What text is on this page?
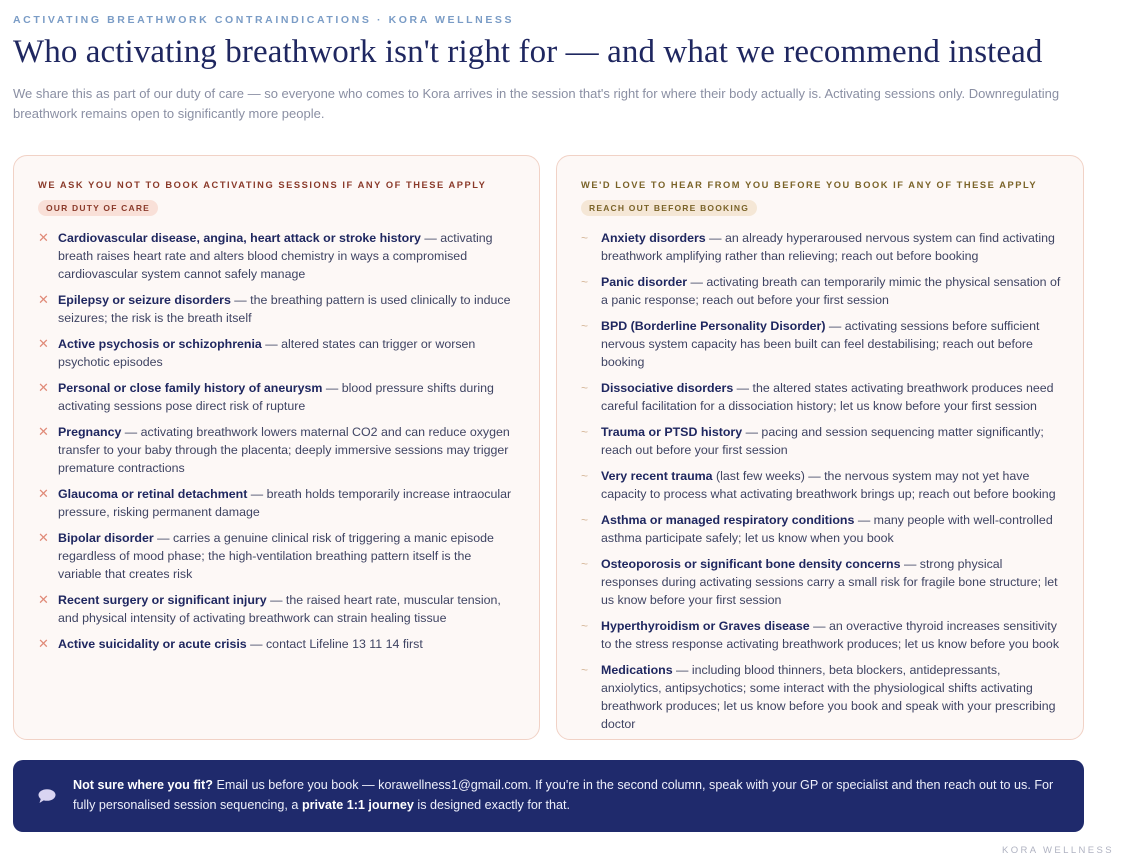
ACTIVATING BREATHWORK CONTRAINDICATIONS · KORA WELLNESS
Who activating breathwork isn't right for — and what we recommend instead

We share this as part of our duty of care — so everyone who comes to Kora arrives in the session that's right for where their body actually is. Activating sessions only. Downregulating breathwork remains open to significantly more people.

WE ASK YOU NOT TO BOOK ACTIVATING SESSIONS IF ANY OF THESE APPLY
OUR DUTY OF CARE
✕ Cardiovascular disease, angina, heart attack or stroke history — activating breath raises heart rate and alters blood chemistry in ways a compromised cardiovascular system cannot safely manage
✕ Epilepsy or seizure disorders — the breathing pattern is used clinically to induce seizures; the risk is the breath itself
✕ Active psychosis or schizophrenia — altered states can trigger or worsen psychotic episodes
✕ Personal or close family history of aneurysm — blood pressure shifts during activating sessions pose direct risk of rupture
✕ Pregnancy — activating breathwork lowers maternal CO2 and can reduce oxygen transfer to your baby through the placenta; deeply immersive sessions may trigger premature contractions
✕ Glaucoma or retinal detachment — breath holds temporarily increase intraocular pressure, risking permanent damage
✕ Bipolar disorder — carries a genuine clinical risk of triggering a manic episode regardless of mood phase; the high-ventilation breathing pattern itself is the variable that creates risk
✕ Recent surgery or significant injury — the raised heart rate, muscular tension, and physical intensity of activating breathwork can strain healing tissue
✕ Active suicidality or acute crisis — contact Lifeline 13 11 14 first
WE'D LOVE TO HEAR FROM YOU BEFORE YOU BOOK IF ANY OF THESE APPLY
REACH OUT BEFORE BOOKING
~	Anxiety disorders — an already hyperaroused nervous system can find activating breathwork amplifying rather than relieving; reach out before booking
~	Panic disorder — activating breath can temporarily mimic the physical sensation of a panic response; reach out before your first session
~	BPD (Borderline Personality Disorder) — activating sessions before sufficient nervous system capacity has been built can feel destabilising; reach out before booking
~	Dissociative disorders — the altered states activating breathwork produces need careful facilitation for a dissociation history; let us know before your first session
~	Trauma or PTSD history — pacing and session sequencing matter significantly; reach out before your first session
~	Very recent trauma (last few weeks) — the nervous system may not yet have capacity to process what activating breathwork brings up; reach out before booking
~	Asthma or managed respiratory conditions — many people with well-controlled asthma participate safely; let us know when you book
~	Osteoporosis or significant bone density concerns — strong physical responses during activating sessions carry a small risk for fragile bone structure; let us know before your first session
~	Hyperthyroidism or Graves disease — an overactive thyroid increases sensitivity to the stress response activating breathwork produces; let us know before you book
~	Medications — including blood thinners, beta blockers, antidepressants, anxiolytics, antipsychotics; some interact with the physiological shifts activating breathwork produces; let us know before you book and speak with your prescribing doctor

Not sure where you fit? Email us before you book — korawellness1@gmail.com. If you're in the second column, speak with your GP or specialist and then reach out to us. For fully personalised session sequencing, a private 1:1 journey is designed exactly for that.

KORA WELLNESS
